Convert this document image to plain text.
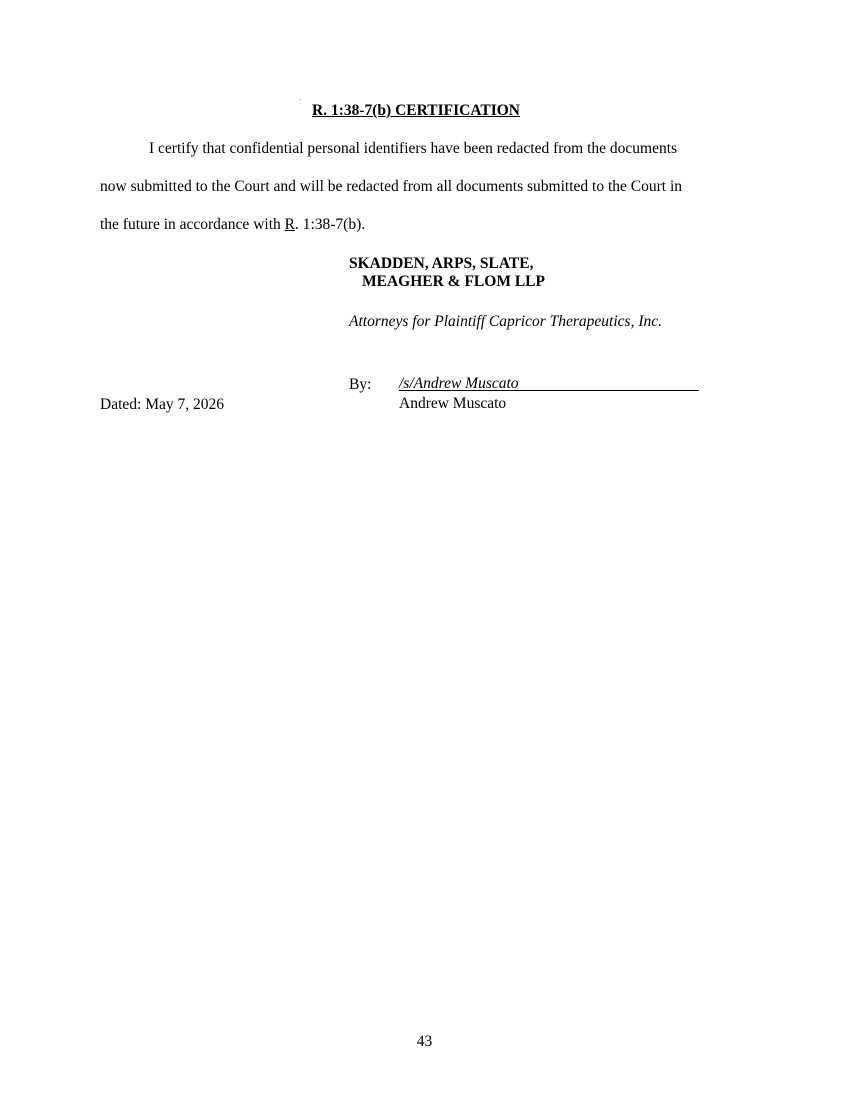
R. 1:38-7(b) CERTIFICATION
I certify that confidential personal identifiers have been redacted from the documents
now submitted to the Court and will be redacted from all documents submitted to the Court in
the future in accordance with R. 1:38-7(b).
SKADDEN, ARPS, SLATE,
MEAGHER & FLOM LLP
Attorneys for Plaintiff Capricor Therapeutics, Inc.
By: /s/Andrew Muscato
Andrew Muscato
Dated: May 7, 2026
43
